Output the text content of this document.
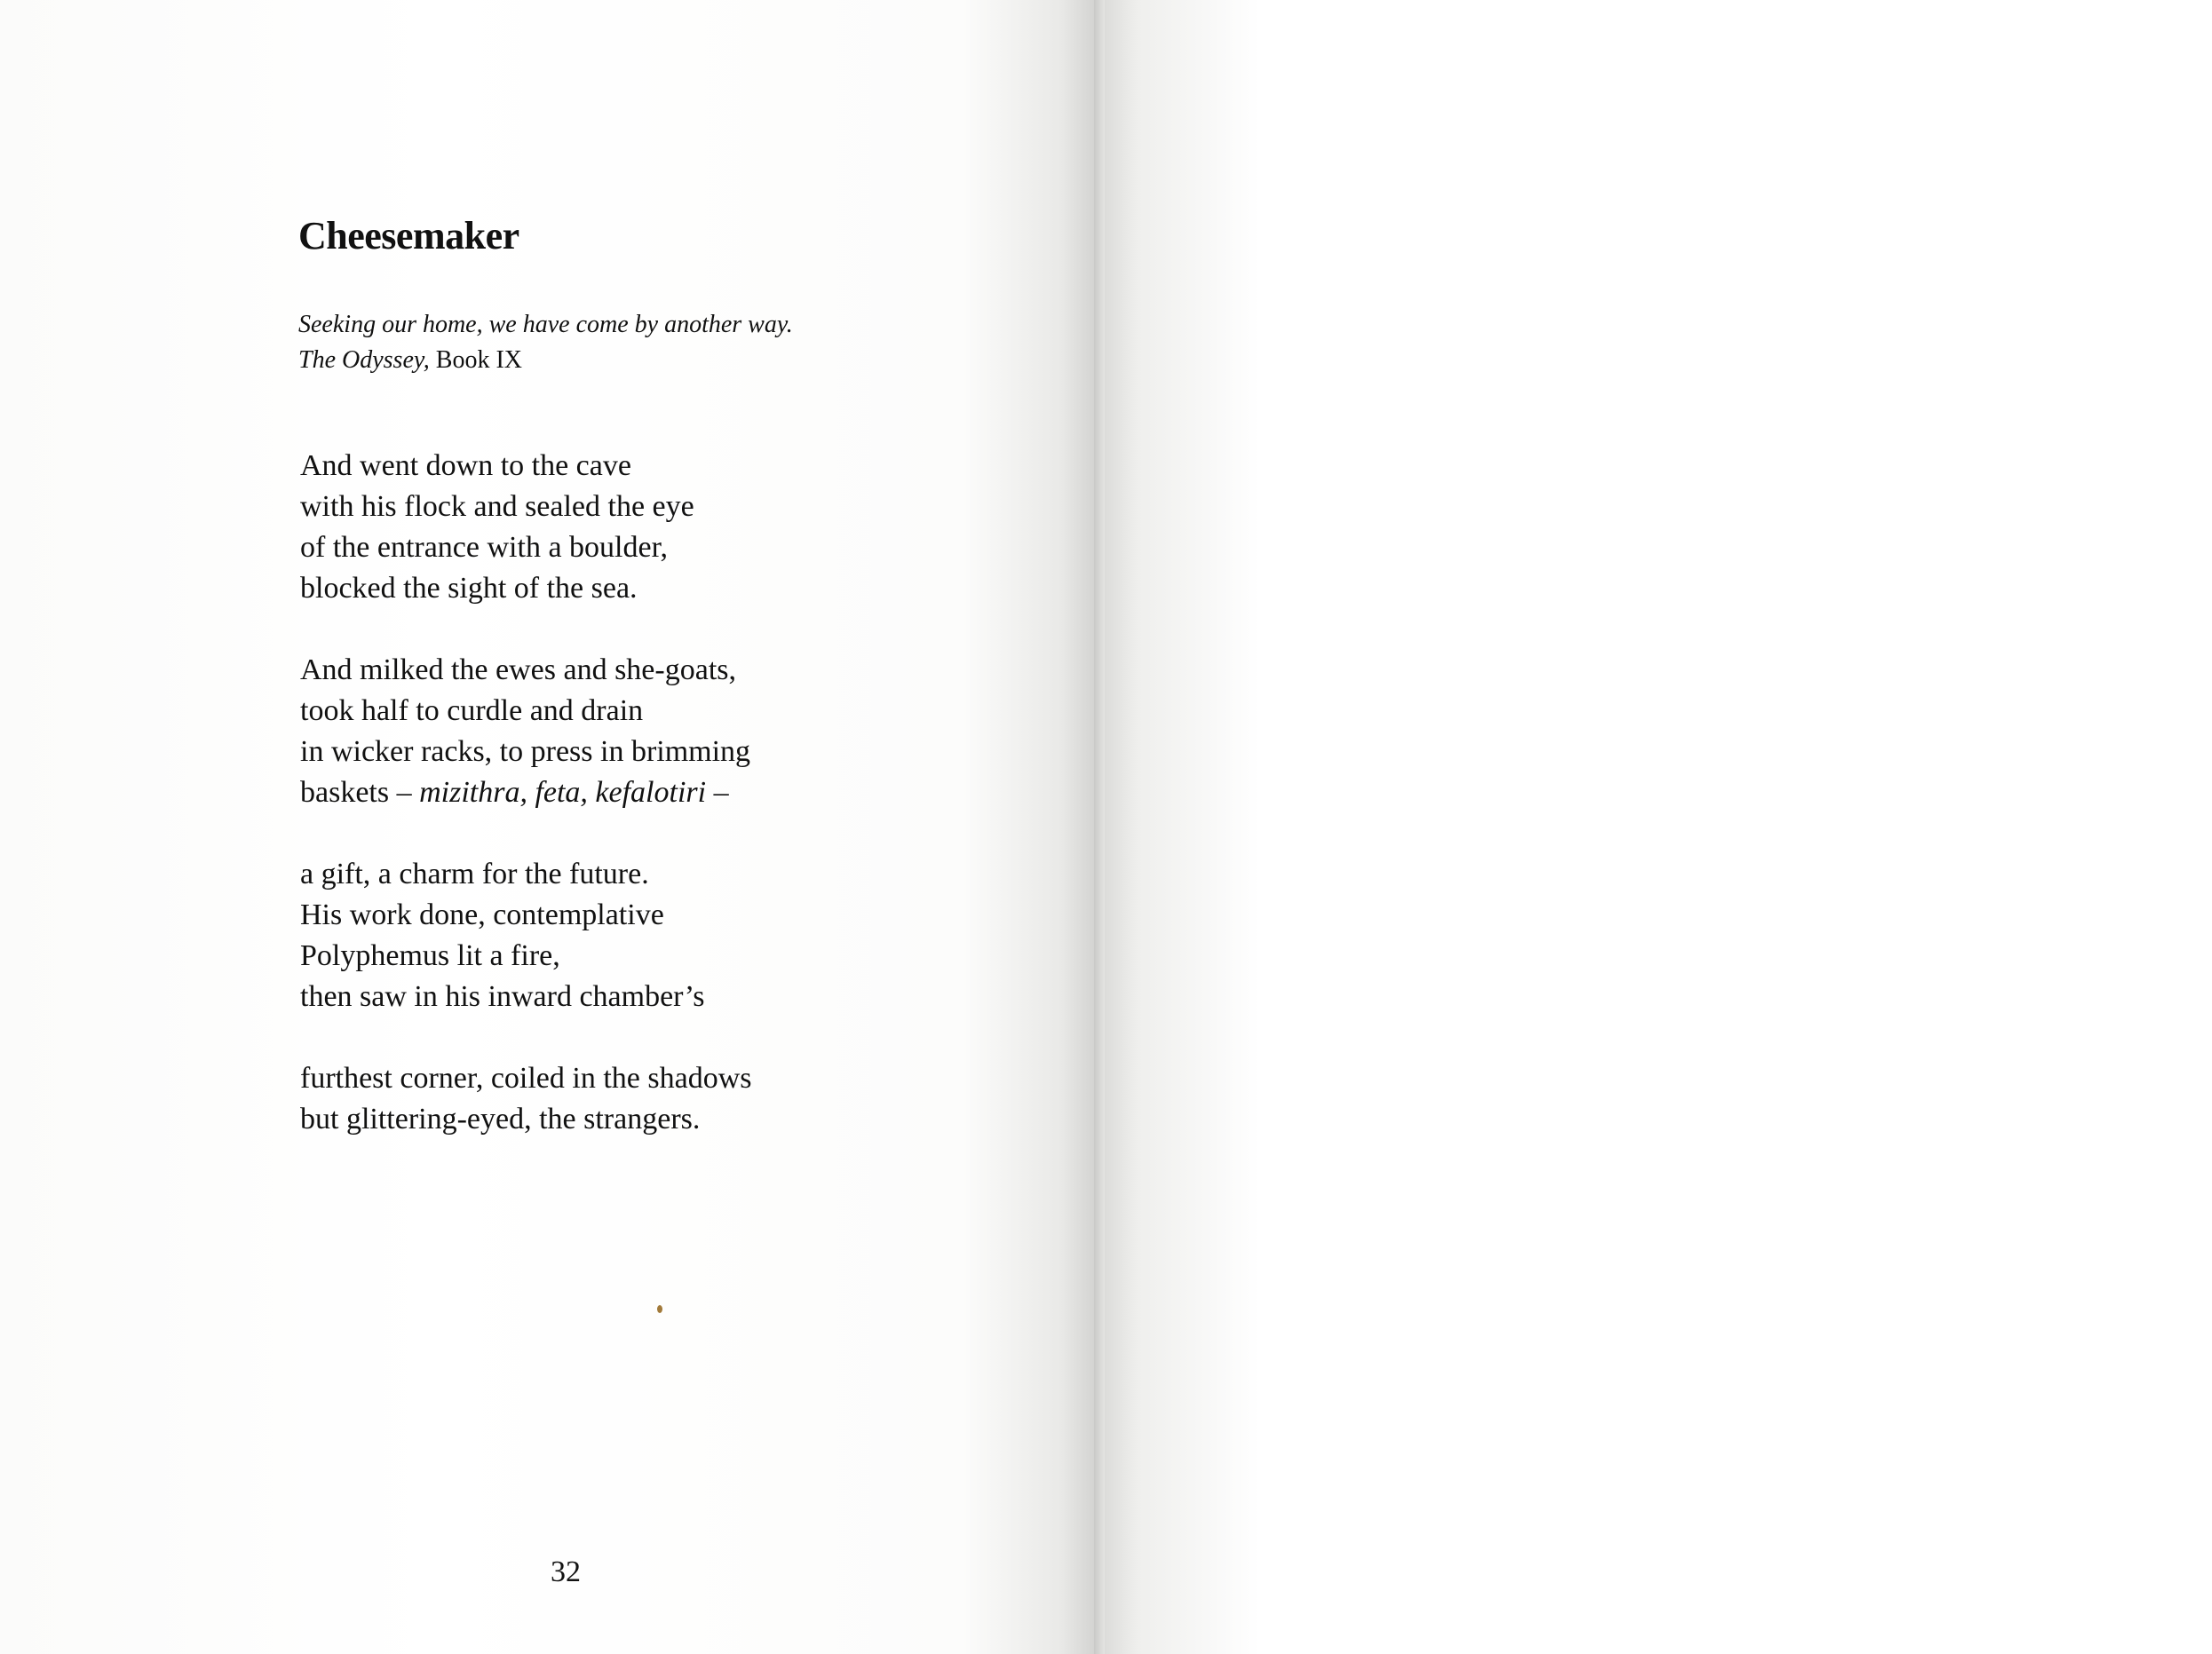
Cheesemaker
Seeking our home, we have come by another way.
The Odyssey, Book IX

And went down to the cave
with his flock and sealed the eye
of the entrance with a boulder,
blocked the sight of the sea.

And milked the ewes and she-goats,
took half to curdle and drain
in wicker racks, to press in brimming
baskets – mizithra, feta, kefalotiri –

a gift, a charm for the future.
His work done, contemplative
Polyphemus lit a fire,
then saw in his inward chamber’s

furthest corner, coiled in the shadows
but glittering-eyed, the strangers.

32
